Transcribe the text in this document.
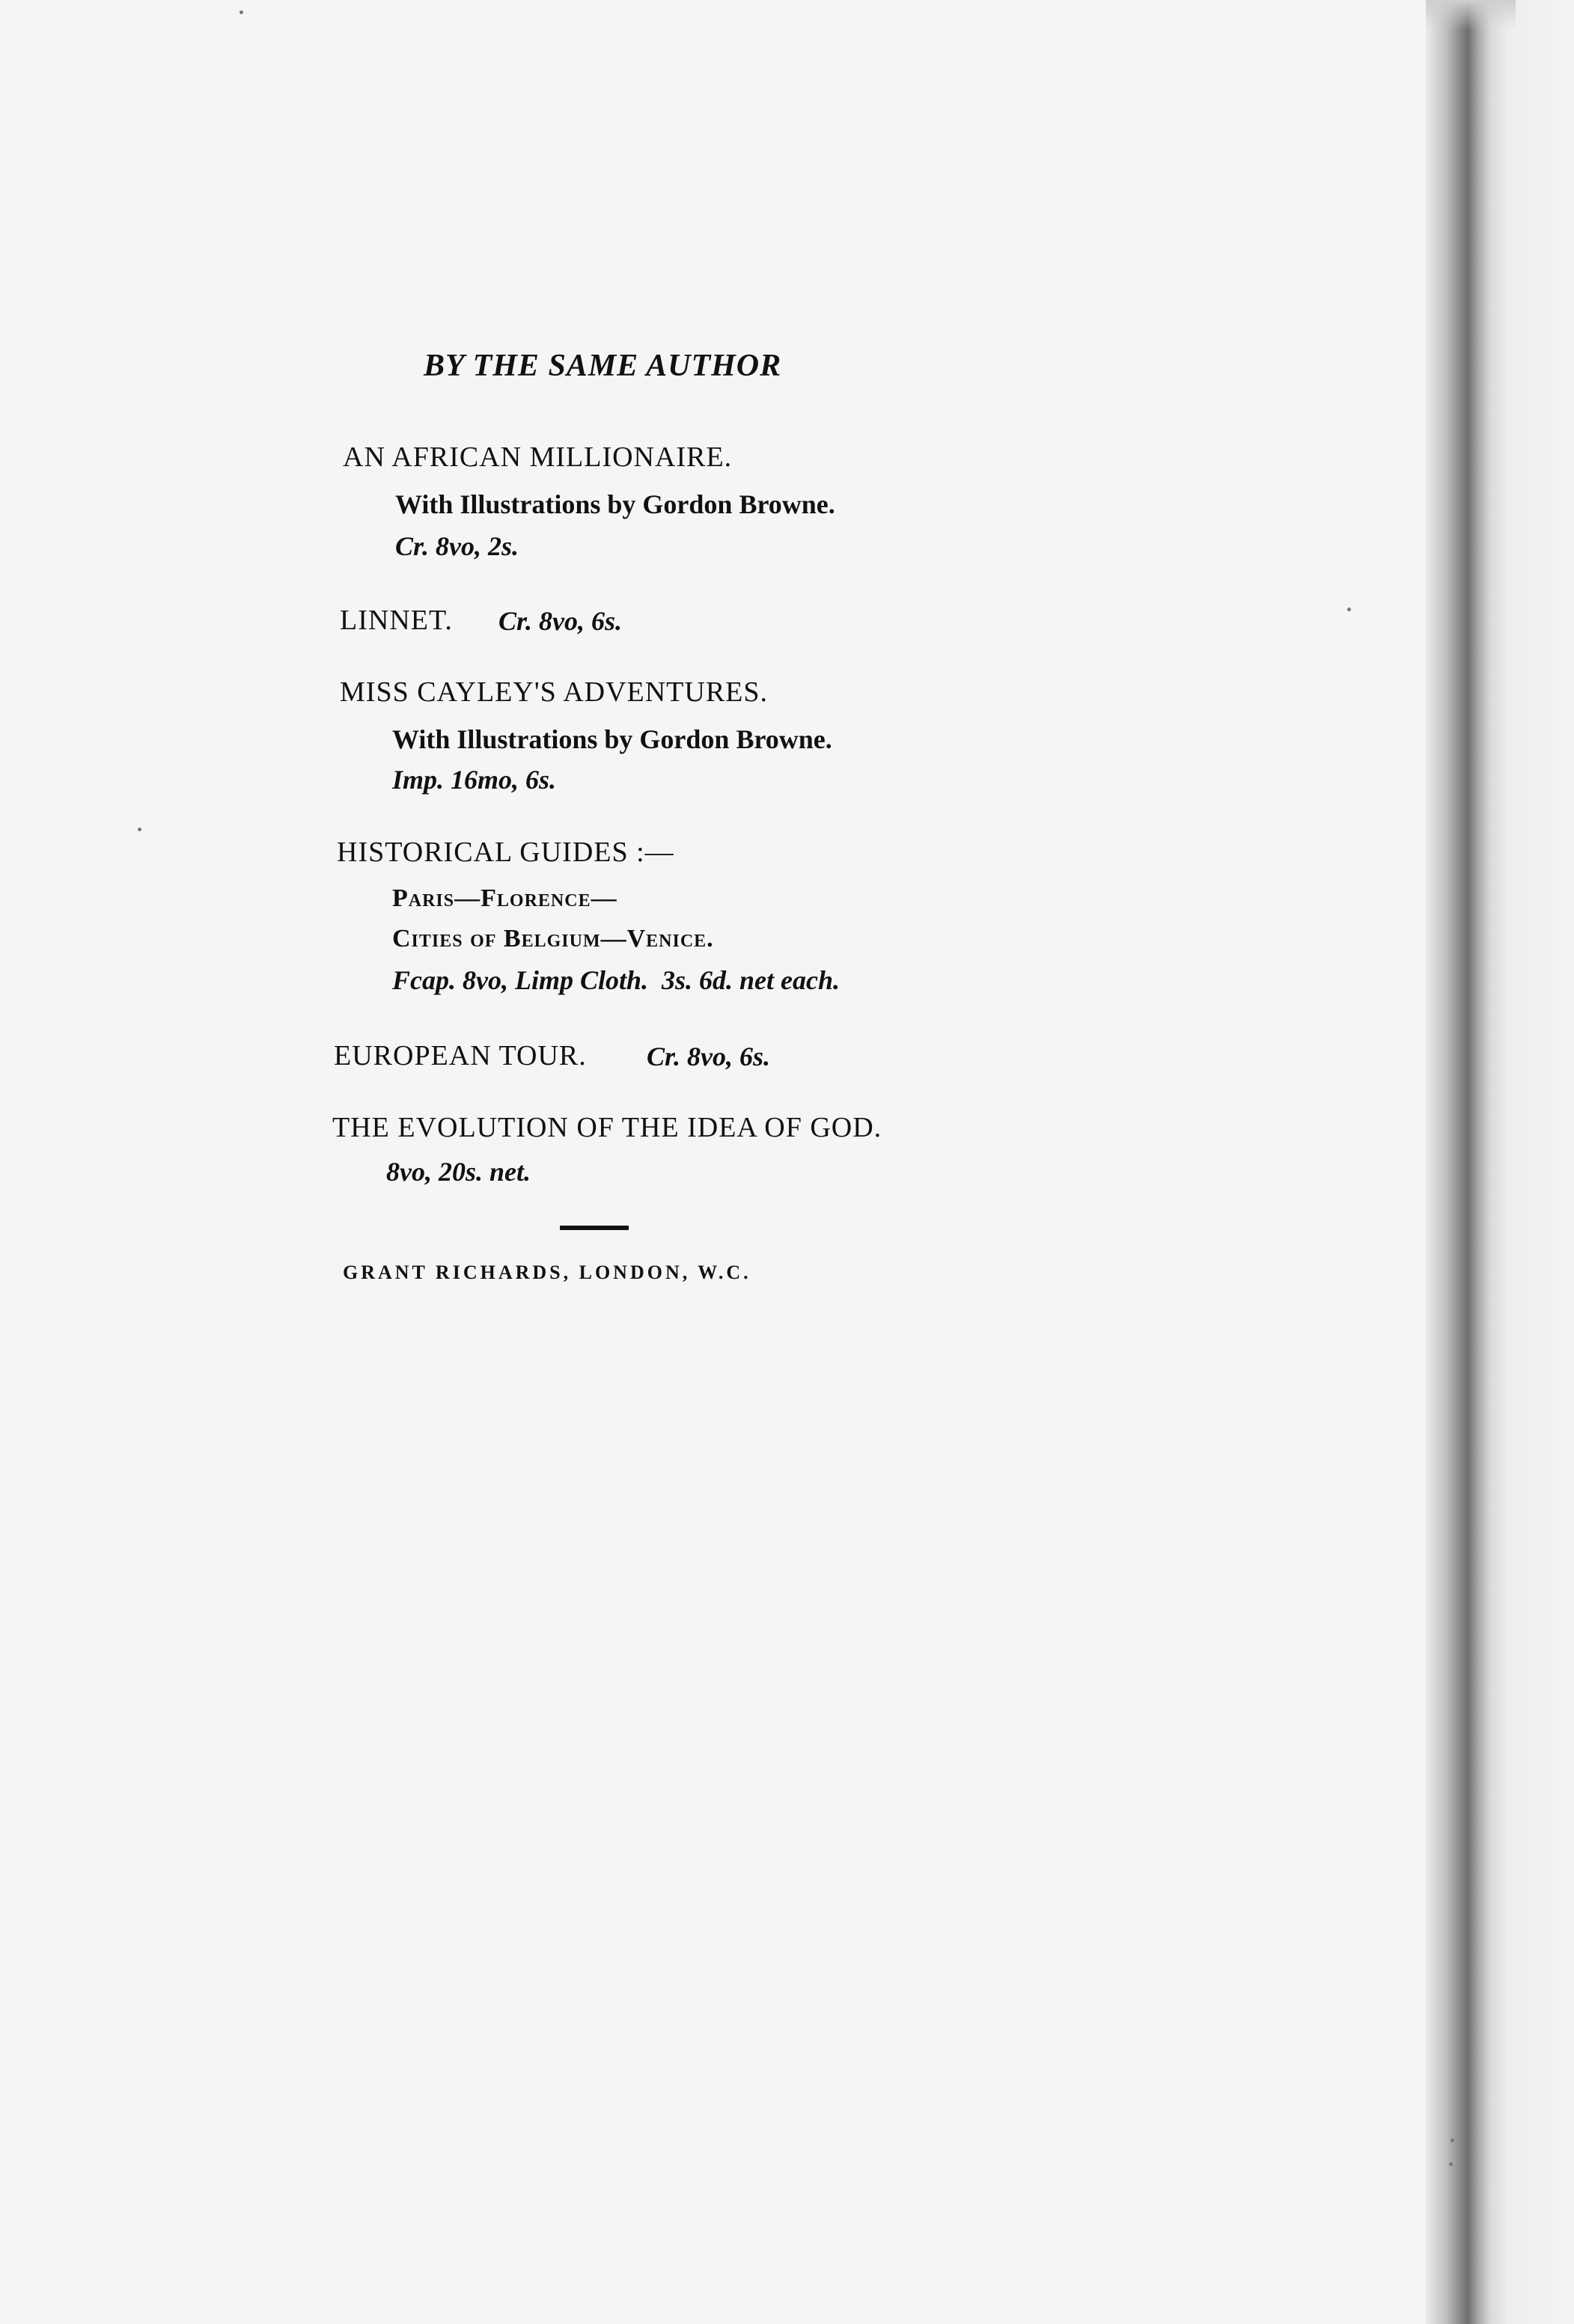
BY THE SAME AUTHOR
AN AFRICAN MILLIONAIRE.
With Illustrations by Gordon Browne.
Cr. 8vo, 2s.
LINNET. Cr. 8vo, 6s.
MISS CAYLEY'S ADVENTURES.
With Illustrations by Gordon Browne.
Imp. 16mo, 6s.
HISTORICAL GUIDES :—
Paris—Florence—
Cities of Belgium—Venice.
Fcap. 8vo, Limp Cloth.  3s. 6d. net each.
EUROPEAN TOUR. Cr. 8vo, 6s.
THE EVOLUTION OF THE IDEA OF GOD.
8vo, 20s. net.
GRANT RICHARDS, LONDON, W.C.
